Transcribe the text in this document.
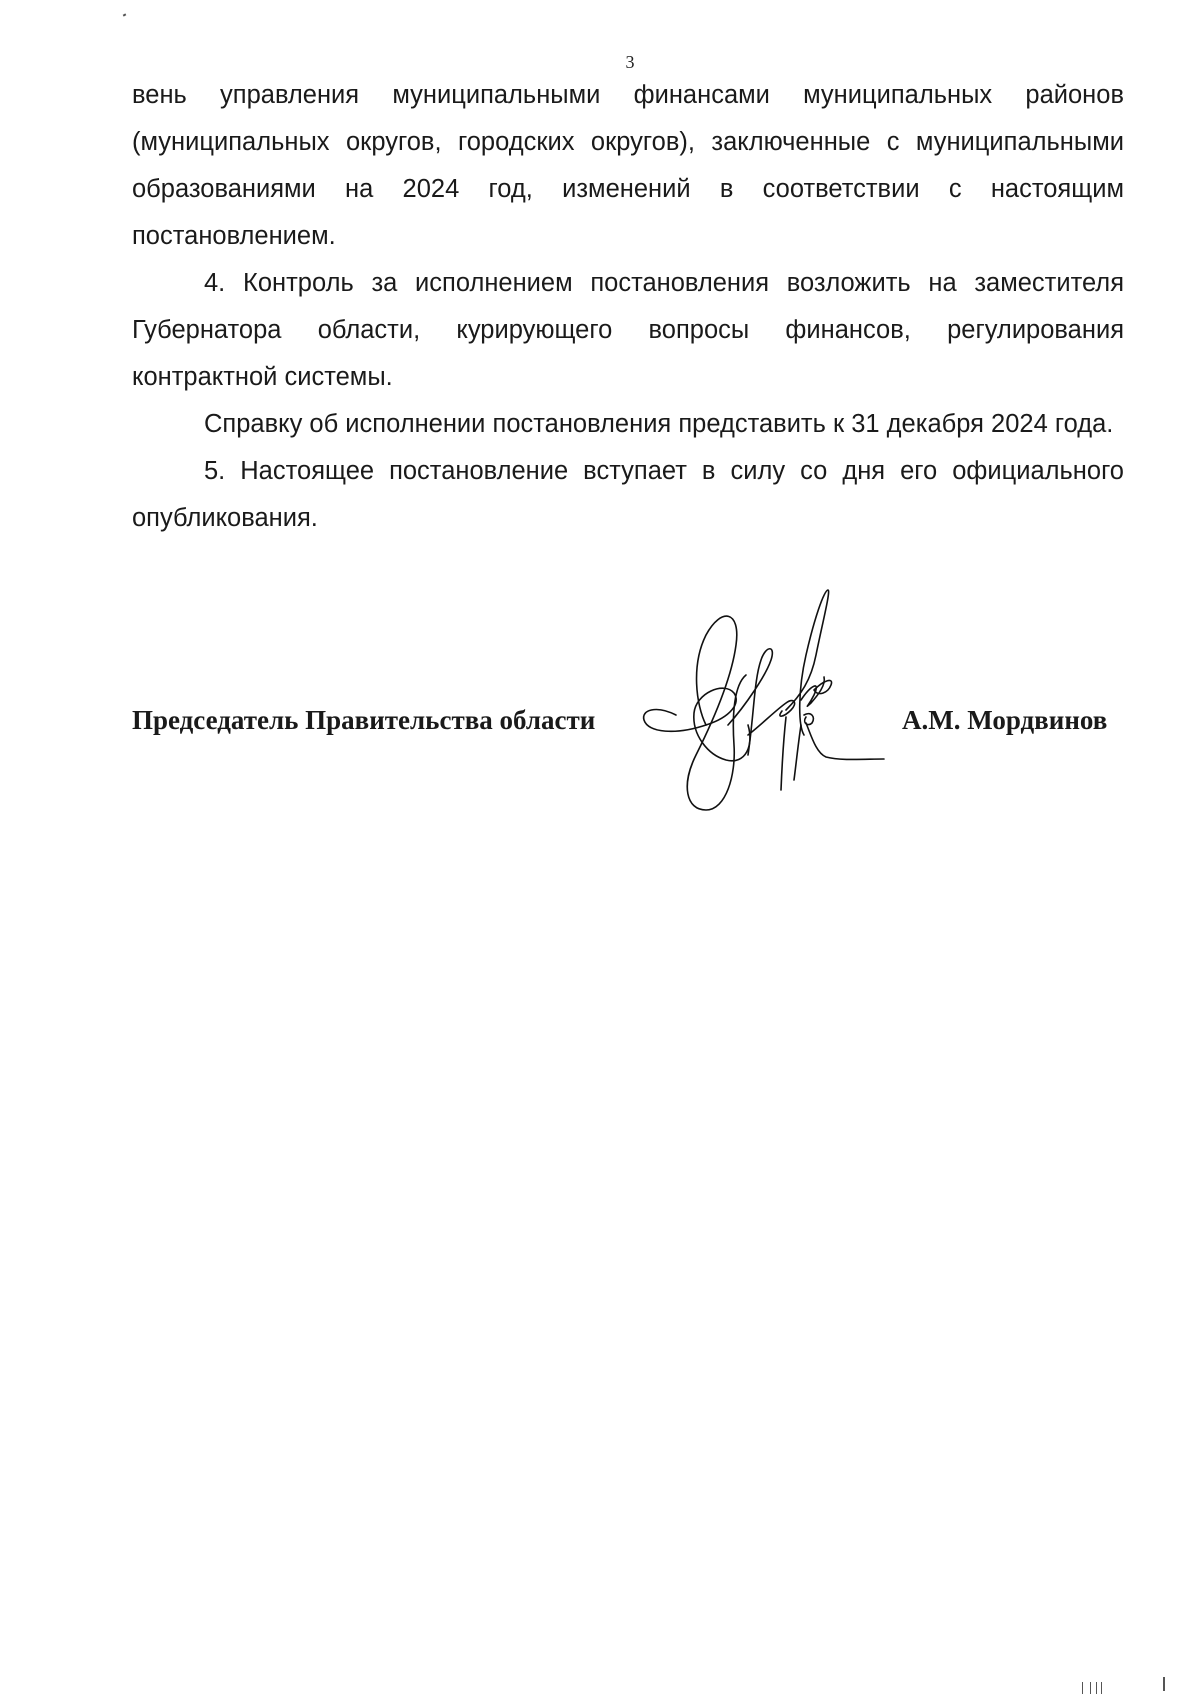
3

вень управления муниципальными финансами муниципальных районов (муниципальных округов, городских округов), заключенные с муниципальными образованиями на 2024 год, изменений в соответствии с настоящим постановлением.

4. Контроль за исполнением постановления возложить на заместителя Губернатора области, курирующего вопросы финансов, регулирования контрактной системы.

Справку об исполнении постановления представить к 31 декабря 2024 года.

5. Настоящее постановление вступает в силу со дня его официального опубликования.

Председатель Правительства области	А.М. Мордвинов
